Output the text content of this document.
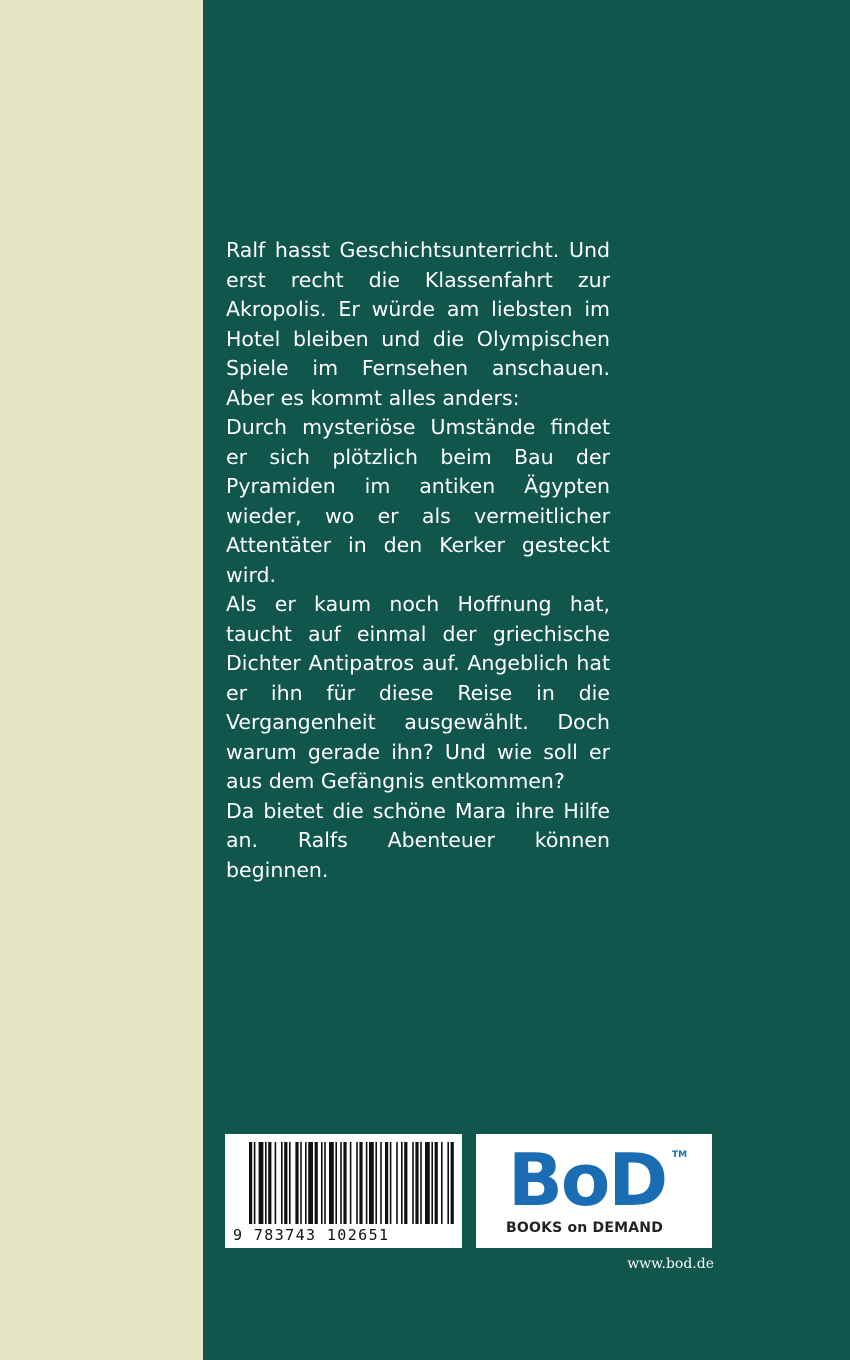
Ralf hasst Geschichtsunterricht. Und erst recht die Klassenfahrt zur Akropolis. Er würde am liebsten im Hotel bleiben und die Olympischen Spiele im Fernsehen anschauen. Aber es kommt alles anders:

Durch mysteriöse Umstände findet er sich plötzlich beim Bau der Pyramiden im antiken Ägypten wieder, wo er als vermeitlicher Attentäter in den Kerker gesteckt wird.

Als er kaum noch Hoffnung hat, taucht auf einmal der griechische Dichter Antipatros auf. Angeblich hat er ihn für diese Reise in die Vergangenheit ausgewählt. Doch warum gerade ihn? Und wie soll er aus dem Gefängnis entkommen?

Da bietet die schöne Mara ihre Hilfe an. Ralfs Abenteuer können beginnen.

9 783743 102651
BoD TM
BOOKS on DEMAND
www.bod.de
